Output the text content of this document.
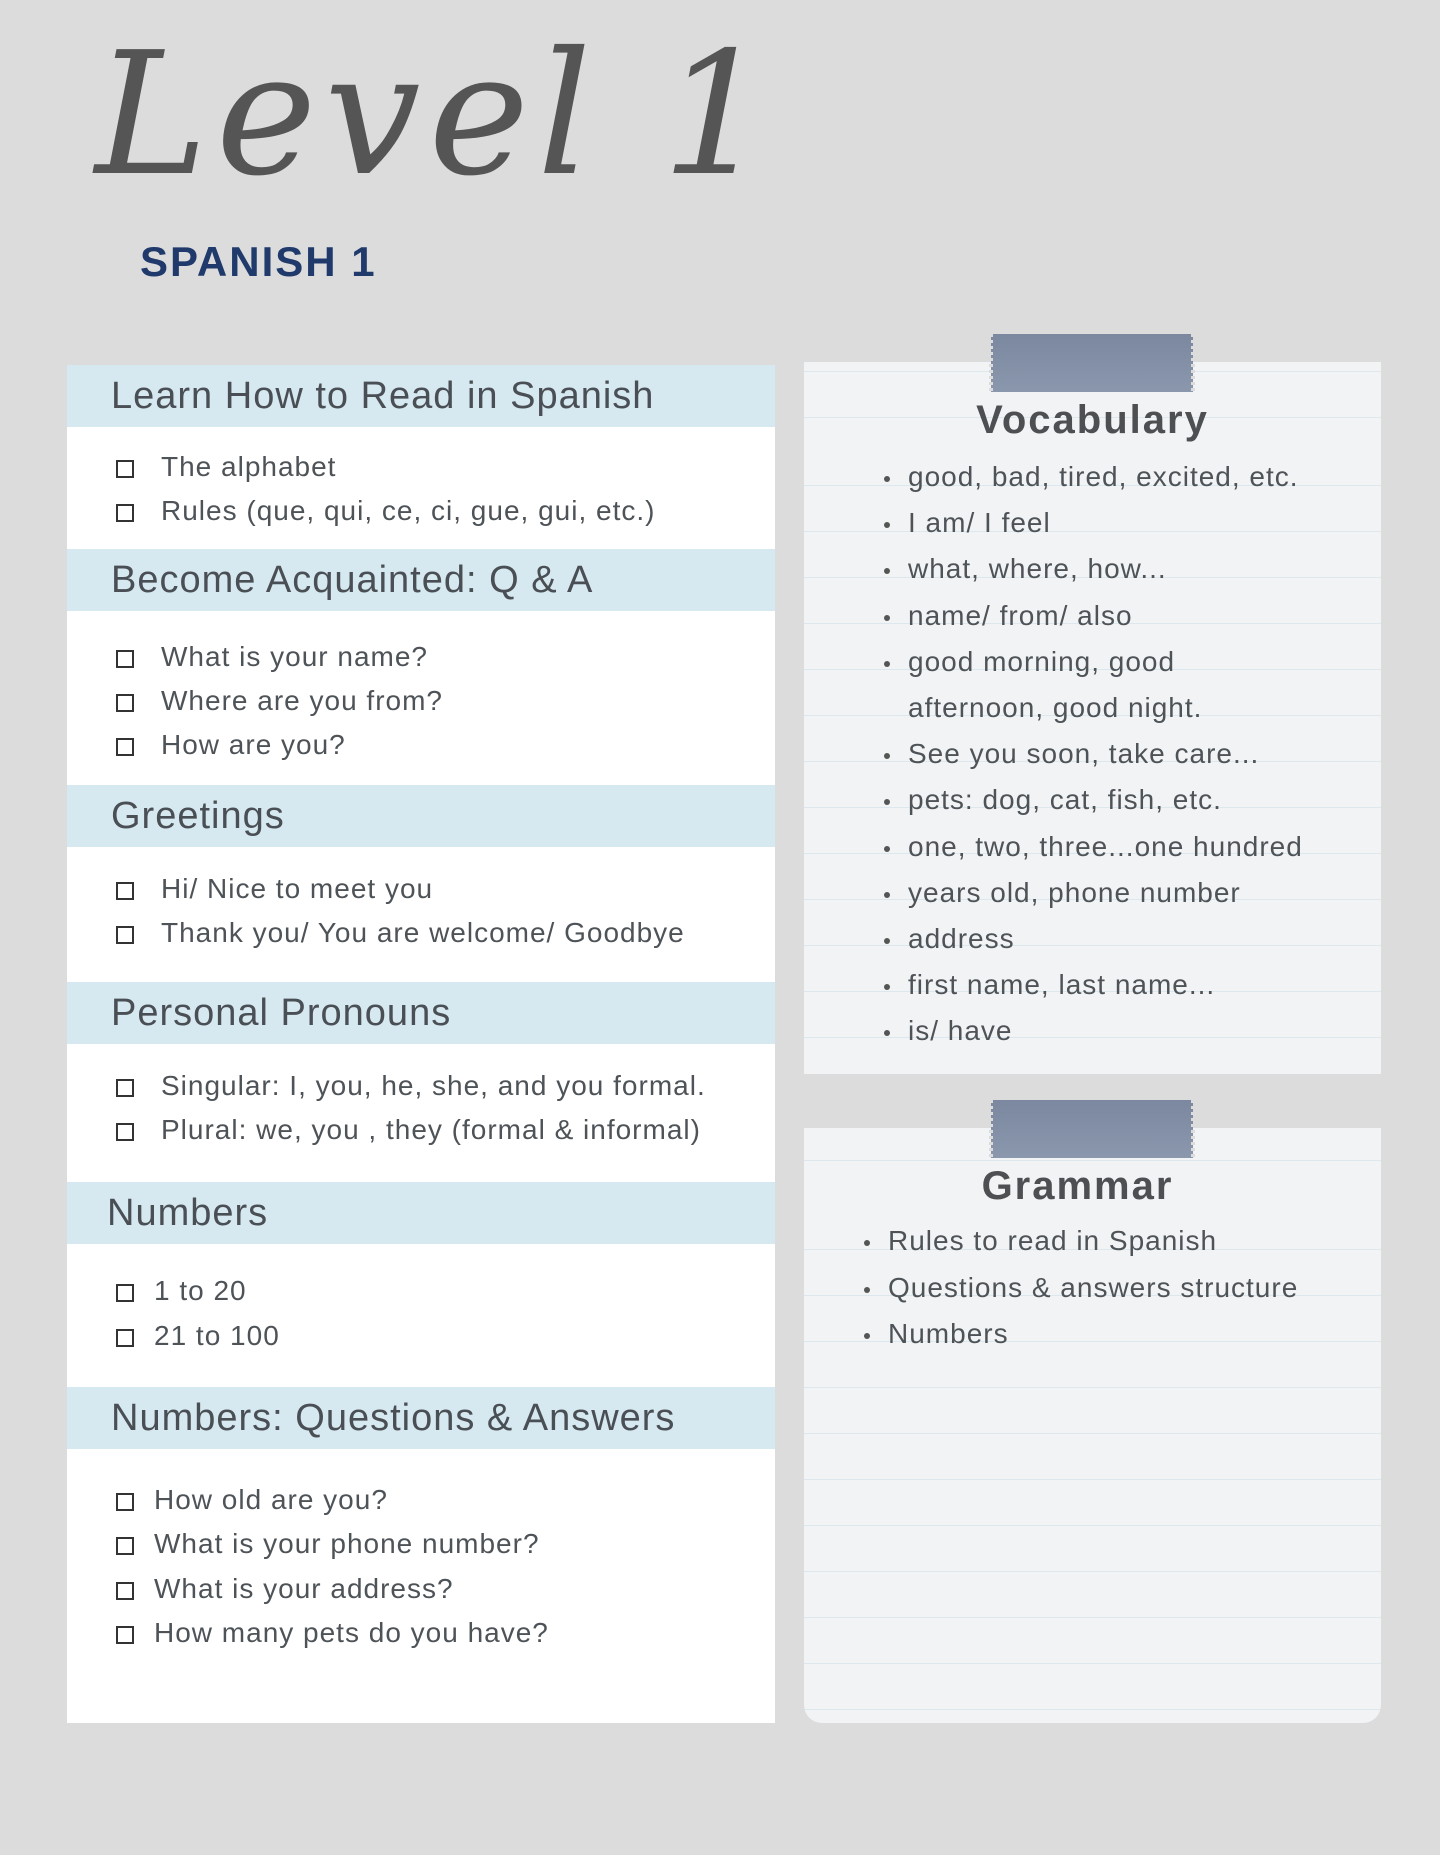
Level 1
SPANISH 1
Learn How to Read in Spanish
The alphabet
Rules (que, qui, ce, ci, gue, gui, etc.)
Become Acquainted: Q & A
What is your name?
Where are you from?
How are you?
Greetings
Hi/ Nice to meet you
Thank you/ You are welcome/ Goodbye
Personal Pronouns
Singular: I, you, he, she, and you formal.
Plural: we, you , they (formal & informal)
Numbers
1 to 20
21 to 100
Numbers: Questions & Answers
How old are you?
What is your phone number?
What is your address?
How many pets do you have?
Vocabulary
good, bad, tired, excited, etc.
I am/ I feel
what, where, how...
name/ from/ also
good morning, good
afternoon, good night.
See you soon, take care...
pets: dog, cat, fish, etc.
one, two, three...one hundred
years old, phone number
address
first name, last name...
is/ have
Grammar
Rules to read in Spanish
Questions & answers structure
Numbers
